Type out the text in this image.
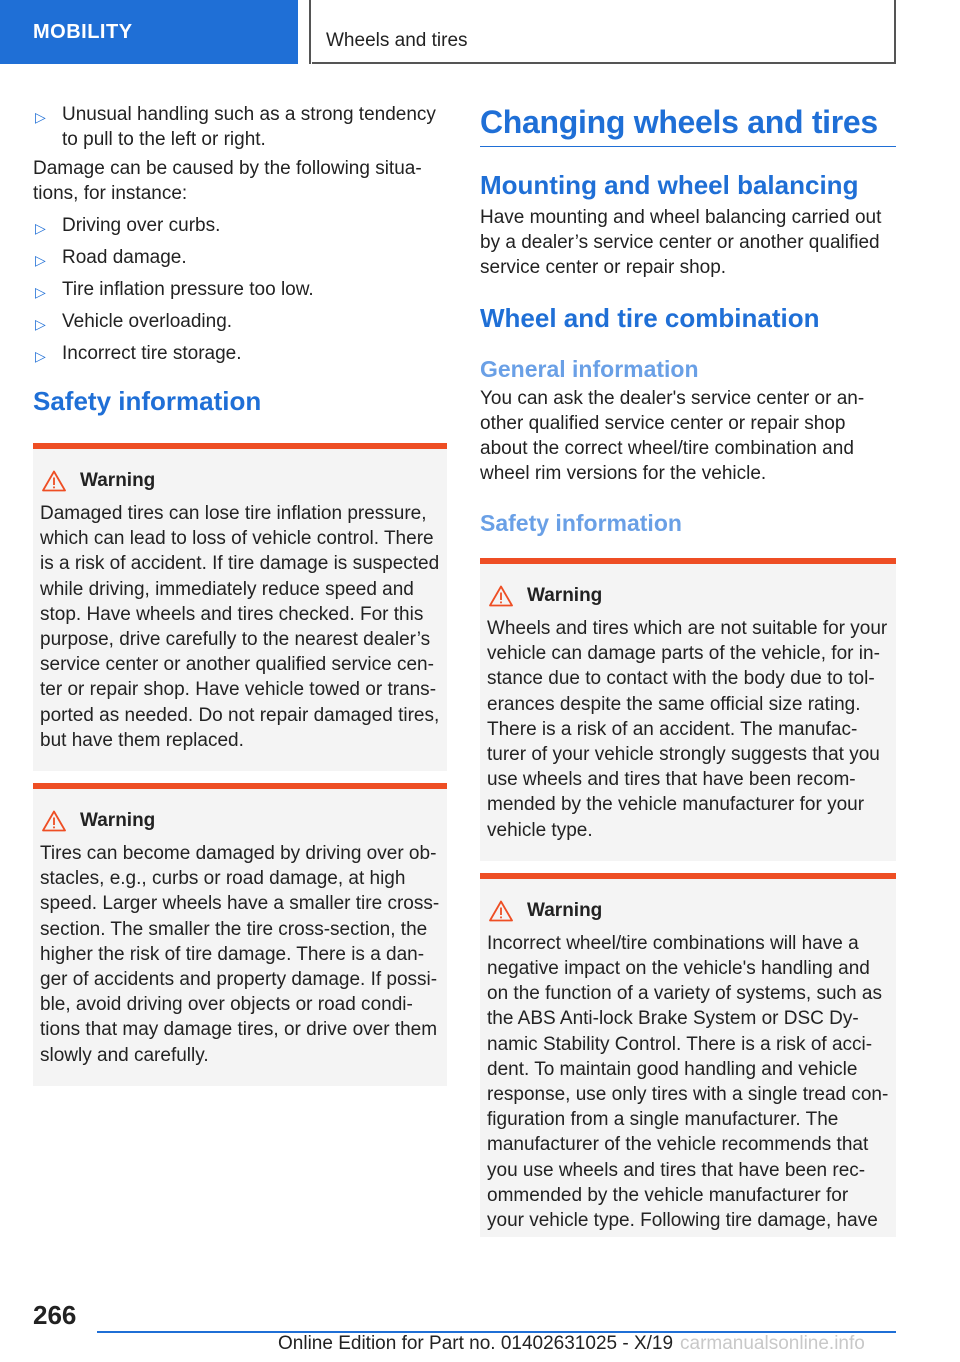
MOBILITY	Wheels and tires
▷ Unusual handling such as a strong tendency to pull to the left or right.

Damage can be caused by the following situations, for instance:

▷ Driving over curbs.
▷ Road damage.
▷ Tire inflation pressure too low.
▷ Vehicle overloading.
▷ Incorrect tire storage.
Safety information
Warning

Damaged tires can lose tire inflation pressure, which can lead to loss of vehicle control. There is a risk of accident. If tire damage is suspected while driving, immediately reduce speed and stop. Have wheels and tires checked. For this purpose, drive carefully to the nearest dealer’s service center or another qualified service center or repair shop. Have vehicle towed or transported as needed. Do not repair damaged tires, but have them replaced.

Warning

Tires can become damaged by driving over obstacles, e.g., curbs or road damage, at high speed. Larger wheels have a smaller tire cross-section. The smaller the tire cross-section, the higher the risk of tire damage. There is a danger of accidents and property damage. If possible, avoid driving over objects or road conditions that may damage tires, or drive over them slowly and carefully.

Changing wheels and tires
Mounting and wheel balancing

Have mounting and wheel balancing carried out by a dealer’s service center or another qualified service center or repair shop.

Wheel and tire combination
General information

You can ask the dealer's service center or another qualified service center or repair shop about the correct wheel/tire combination and wheel rim versions for the vehicle.

Safety information
Warning

Wheels and tires which are not suitable for your vehicle can damage parts of the vehicle, for instance due to contact with the body due to tolerances despite the same official size rating. There is a risk of an accident. The manufacturer of your vehicle strongly suggests that you use wheels and tires that have been recommended by the vehicle manufacturer for your vehicle type.

Warning

Incorrect wheel/tire combinations will have a negative impact on the vehicle's handling and on the function of a variety of systems, such as the ABS Anti-lock Brake System or DSC Dynamic Stability Control. There is a risk of accident. To maintain good handling and vehicle response, use only tires with a single tread configuration from a single manufacturer. The manufacturer of the vehicle recommends that you use wheels and tires that have been recommended by the vehicle manufacturer for your vehicle type. Following tire damage, have

266
Online Edition for Part no. 01402631025 - X/19 carmanualsonline.info
